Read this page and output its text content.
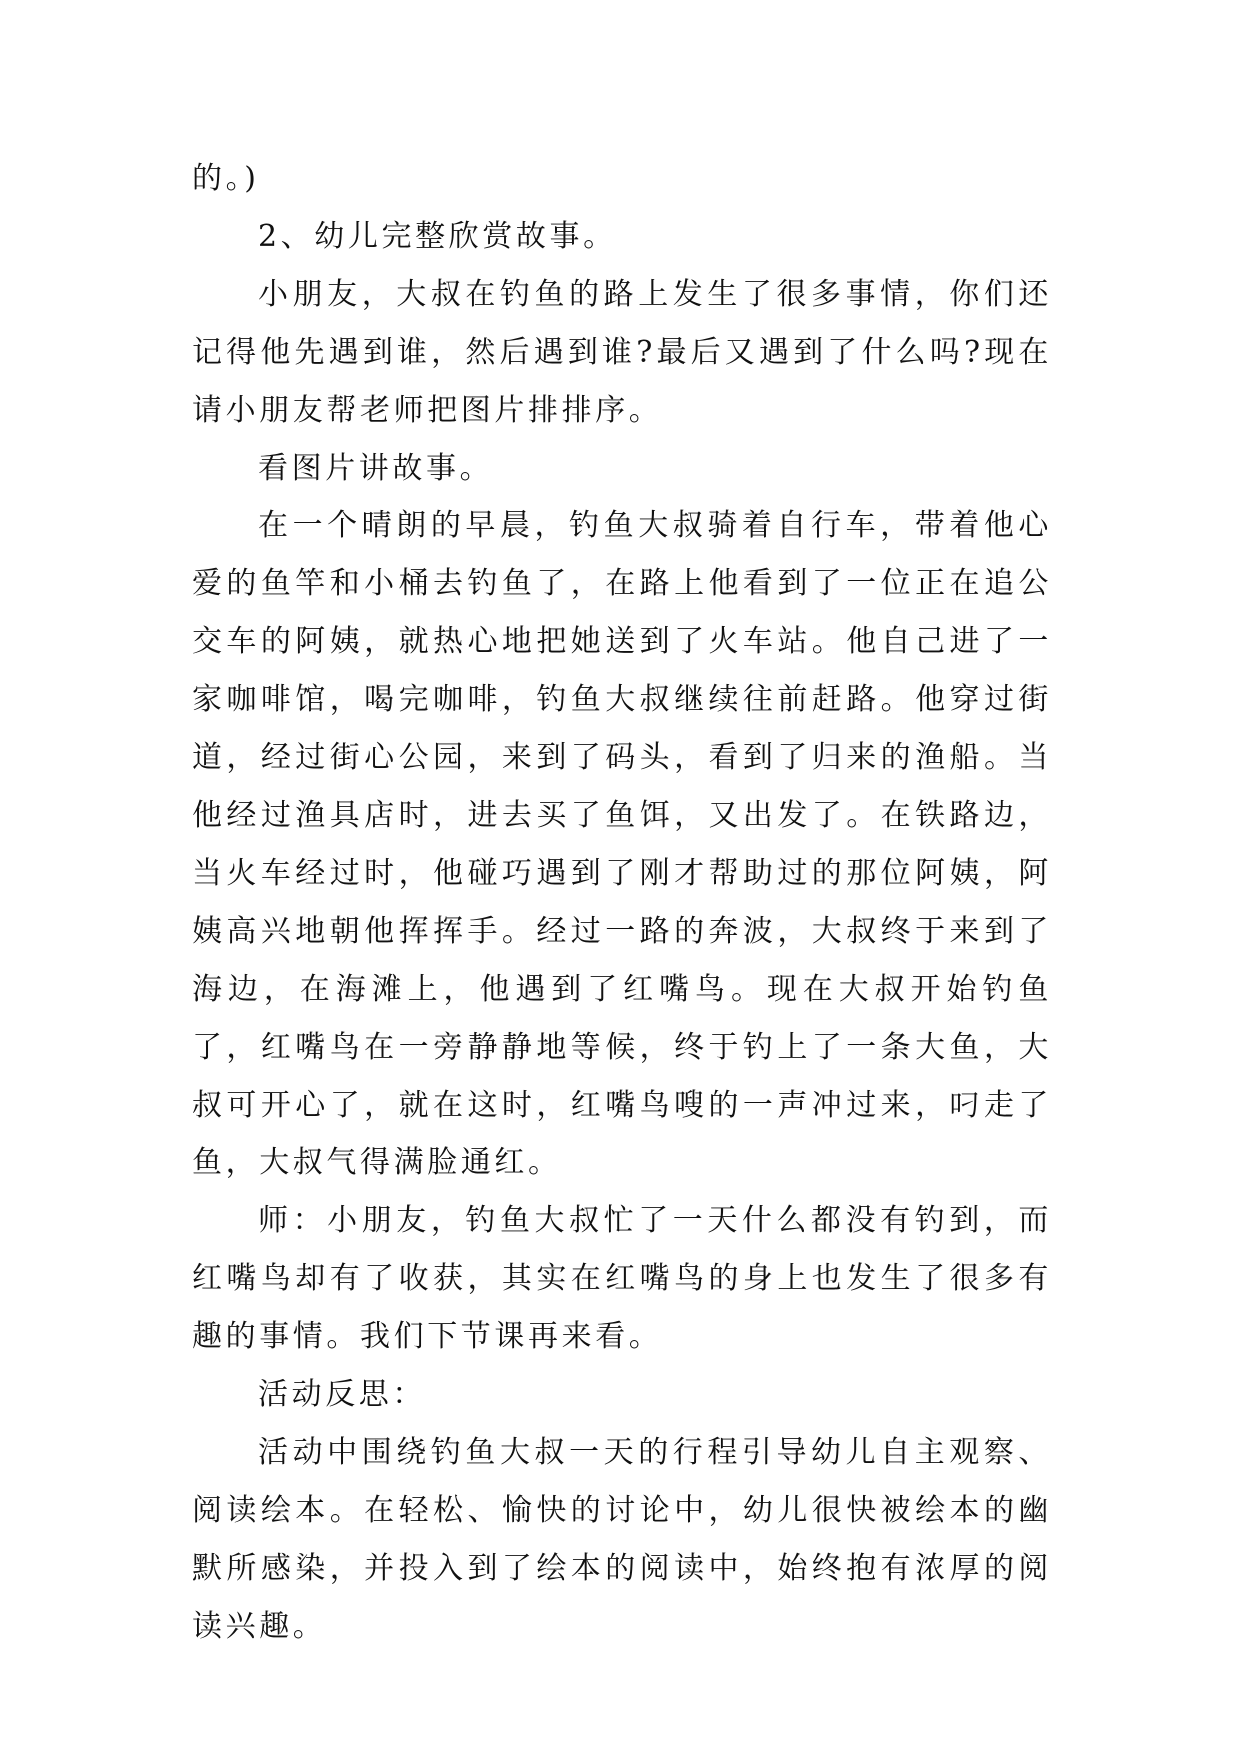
的。)

2、幼儿完整欣赏故事。

小朋友，大叔在钓鱼的路上发生了很多事情，你们还记得他先遇到谁，然后遇到谁?最后又遇到了什么吗?现在请小朋友帮老师把图片排排序。

看图片讲故事。

在一个晴朗的早晨，钓鱼大叔骑着自行车，带着他心爱的鱼竿和小桶去钓鱼了，在路上他看到了一位正在追公交车的阿姨，就热心地把她送到了火车站。他自己进了一家咖啡馆，喝完咖啡，钓鱼大叔继续往前赶路。他穿过街道，经过街心公园，来到了码头，看到了归来的渔船。当他经过渔具店时，进去买了鱼饵，又出发了。在铁路边，当火车经过时，他碰巧遇到了刚才帮助过的那位阿姨，阿姨高兴地朝他挥挥手。经过一路的奔波，大叔终于来到了海边，在海滩上，他遇到了红嘴鸟。现在大叔开始钓鱼了，红嘴鸟在一旁静静地等候，终于钓上了一条大鱼，大叔可开心了，就在这时，红嘴鸟嗖的一声冲过来，叼走了鱼，大叔气得满脸通红。

师：小朋友，钓鱼大叔忙了一天什么都没有钓到，而红嘴鸟却有了收获，其实在红嘴鸟的身上也发生了很多有趣的事情。我们下节课再来看。

活动反思：

活动中围绕钓鱼大叔一天的行程引导幼儿自主观察、阅读绘本。在轻松、愉快的讨论中，幼儿很快被绘本的幽默所感染，并投入到了绘本的阅读中，始终抱有浓厚的阅读兴趣。
